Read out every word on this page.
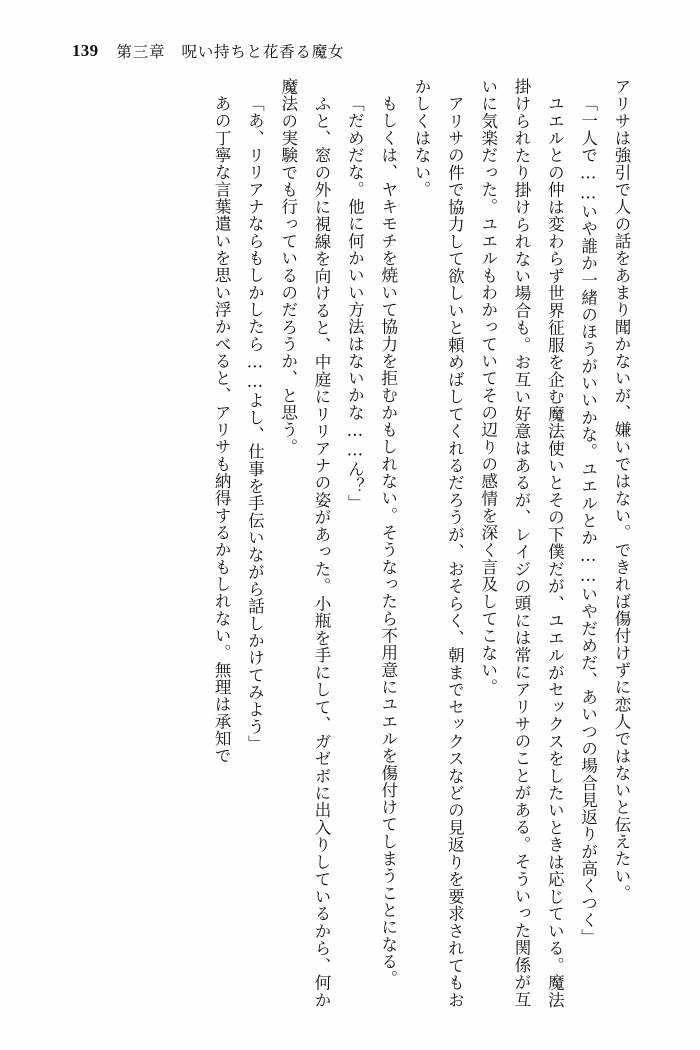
139 第三章　呪い持ちと花香る魔女

アリサは強引で人の話をあまり聞かないが、嫌いではない。できれば傷付けずに恋人ではないと伝えたい。

「一人で……いや誰か一緒のほうがいいかな。ユエルとか……いやだめだ、あいつの場合見返りが高くつく」

ユエルとの仲は変わらず世界征服を企む魔法使いとその下僕だが、ユエルがセックスをしたいときは応じている。魔法掛けられたり掛けられない場合も。お互い好意はあるが、レイジの頭には常にアリサのことがある。そういった関係が互いに気楽だった。ユエルもわかっていてその辺りの感情を深く言及してこない。

アリサの件で協力して欲しいと頼めばしてくれるだろうが、おそらく、朝までセックスなどの見返りを要求されてもおかしくはない。

もしくは、ヤキモチを焼いて協力を拒むかもしれない。そうなったら不用意にユエルを傷付けてしまうことになる。

「だめだな。他に何かいい方法はないかな……ん？」

ふと、窓の外に視線を向けると、中庭にリリアナの姿があった。小瓶を手にして、ガゼボに出入りしているから、何か魔法の実験でも行っているのだろうか、と思う。

「あ、リリアナならもしかしたら……よし、仕事を手伝いながら話しかけてみよう」

あの丁寧な言葉遣いを思い浮かべると、アリサも納得するかもしれない。無理は承知で
